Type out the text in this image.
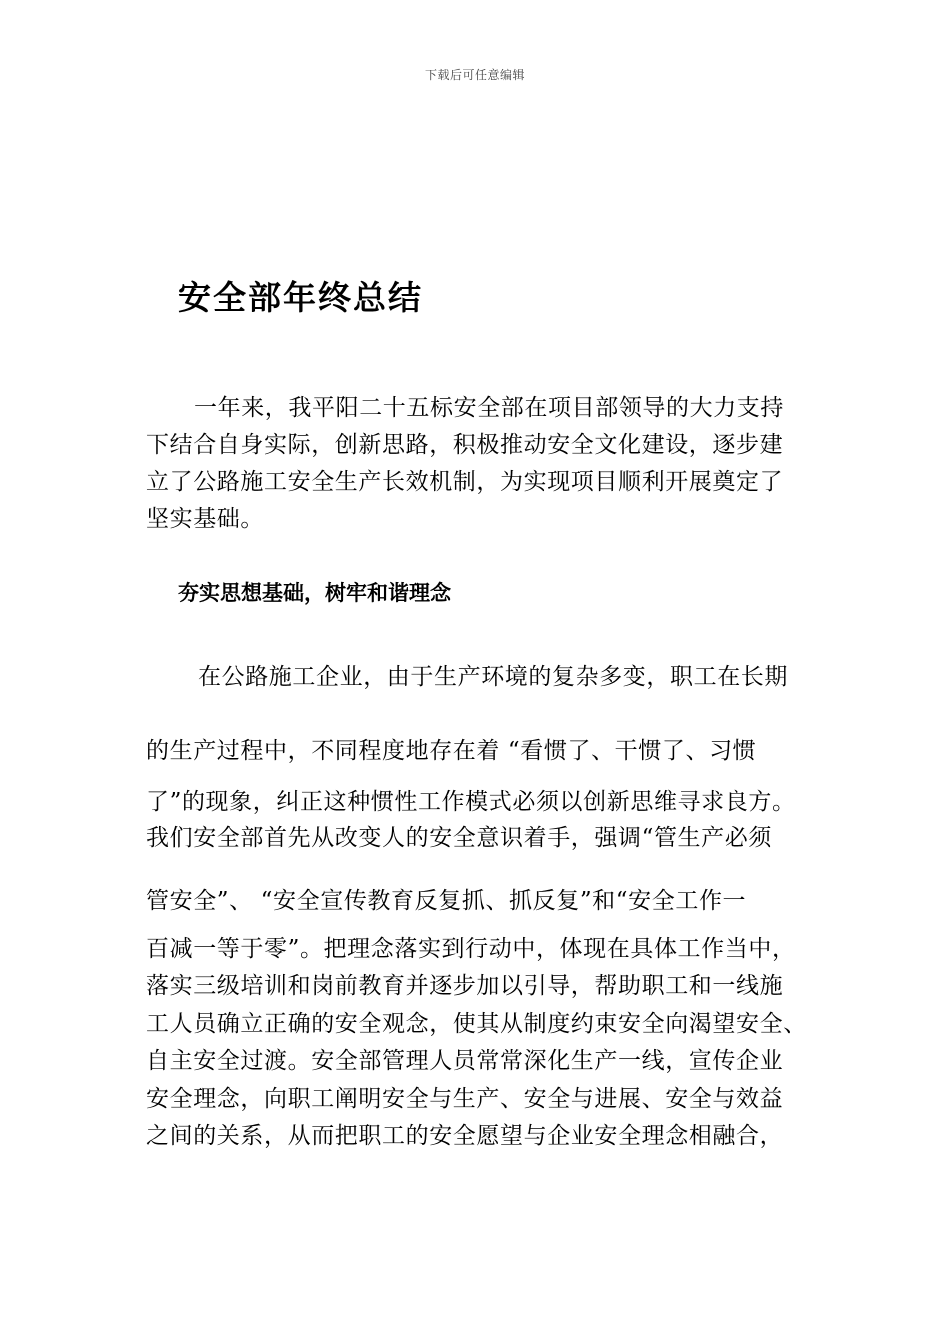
下载后可任意编辑
安全部年终总结

一年来，我平阳二十五标安全部在项目部领导的大力支持

下结合自身实际，创新思路，积极推动安全文化建设，逐步建

立了公路施工安全生产长效机制，为实现项目顺利开展奠定了

坚实基础。

夯实思想基础，树牢和谐理念

在公路施工企业，由于生产环境的复杂多变，职工在长期

的生产过程中，不同程度地存在着 “看惯了、干惯了、习惯

了”的现象，纠正这种惯性工作模式必须以创新思维寻求良方。

我们安全部首先从改变人的安全意识着手，强调“管生产必须

管安全”、 “安全宣传教育反复抓、抓反复”和“安全工作一

百减一等于零”。把理念落实到行动中，体现在具体工作当中，

落实三级培训和岗前教育并逐步加以引导，帮助职工和一线施

工人员确立正确的安全观念，使其从制度约束安全向渴望安全、

自主安全过渡。安全部管理人员常常深化生产一线，宣传企业

安全理念，向职工阐明安全与生产、安全与进展、安全与效益

之间的关系，从而把职工的安全愿望与企业安全理念相融合，
